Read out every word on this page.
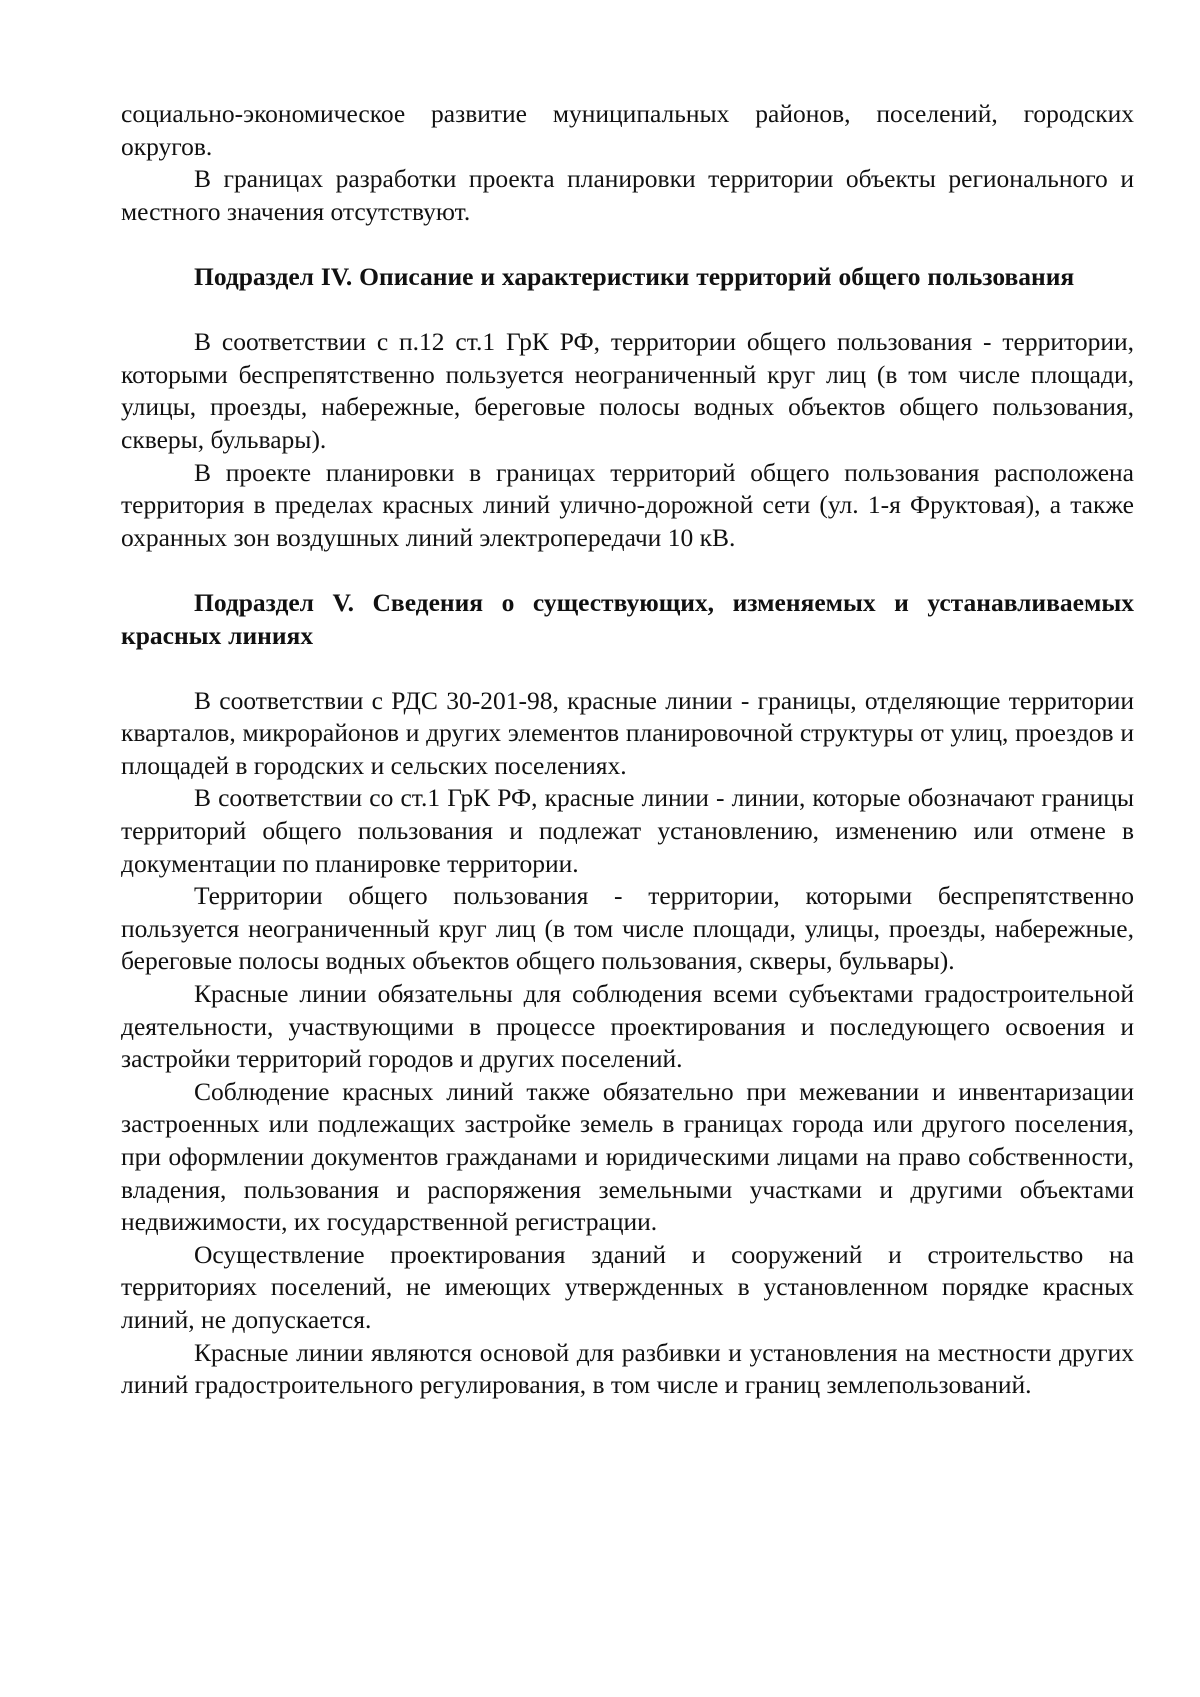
социально-экономическое развитие муниципальных районов, поселений, городских округов.

В границах разработки проекта планировки территории объекты регионального и местного значения отсутствуют.

Подраздел IV. Описание и характеристики территорий общего пользования

В соответствии с п.12 ст.1 ГрК РФ, территории общего пользования - территории, которыми беспрепятственно пользуется неограниченный круг лиц (в том числе площади, улицы, проезды, набережные, береговые полосы водных объектов общего пользования, скверы, бульвары).

В проекте планировки в границах территорий общего пользования расположена территория в пределах красных линий улично-дорожной сети (ул. 1-я Фруктовая), а также охранных зон воздушных линий электропередачи 10 кВ.

Подраздел V. Сведения о существующих, изменяемых и устанавливаемых красных линиях

В соответствии с РДС 30-201-98, красные линии - границы, отделяющие территории кварталов, микрорайонов и других элементов планировочной структуры от улиц, проездов и площадей в городских и сельских поселениях.

В соответствии со ст.1 ГрК РФ, красные линии - линии, которые обозначают границы территорий общего пользования и подлежат установлению, изменению или отмене в документации по планировке территории.

Территории общего пользования - территории, которыми беспрепятственно пользуется неограниченный круг лиц (в том числе площади, улицы, проезды, набережные, береговые полосы водных объектов общего пользования, скверы, бульвары).

Красные линии обязательны для соблюдения всеми субъектами градостроительной деятельности, участвующими в процессе проектирования и последующего освоения и застройки территорий городов и других поселений.

Соблюдение красных линий также обязательно при межевании и инвентаризации застроенных или подлежащих застройке земель в границах города или другого поселения, при оформлении документов гражданами и юридическими лицами на право собственности, владения, пользования и распоряжения земельными участками и другими объектами недвижимости, их государственной регистрации.

Осуществление проектирования зданий и сооружений и строительство на территориях поселений, не имеющих утвержденных в установленном порядке красных линий, не допускается.

Красные линии являются основой для разбивки и установления на местности других линий градостроительного регулирования, в том числе и границ землепользований.
